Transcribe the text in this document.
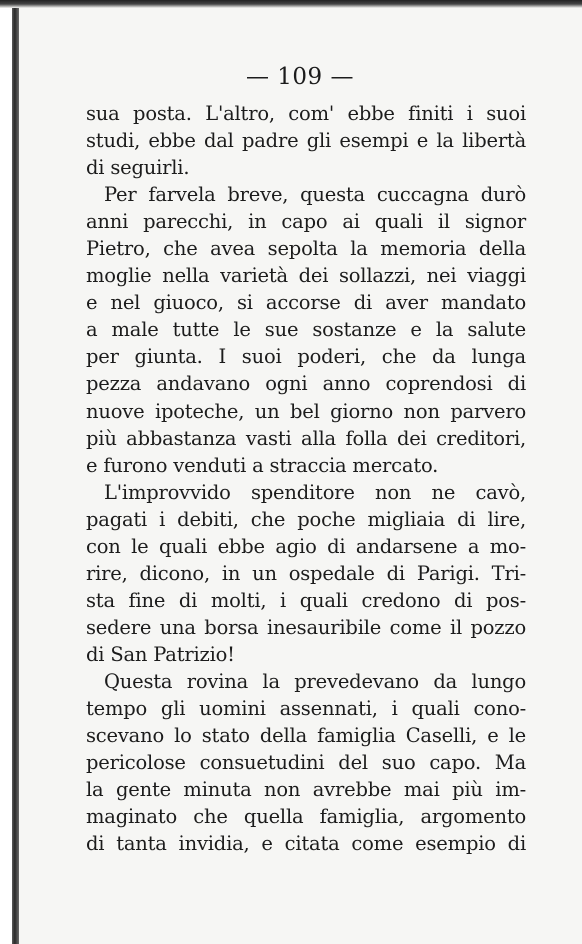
— 109 —
sua posta. L'altro, com' ebbe finiti i suoi
studi, ebbe dal padre gli esempi e la libertà
di seguirli.
Per farvela breve, questa cuccagna durò
anni parecchi, in capo ai quali il signor
Pietro, che avea sepolta la memoria della
moglie nella varietà dei sollazzi, nei viaggi
e nel giuoco, si accorse di aver mandato
a male tutte le sue sostanze e la salute
per giunta. I suoi poderi, che da lunga
pezza andavano ogni anno coprendosi di
nuove ipoteche, un bel giorno non parvero
più abbastanza vasti alla folla dei creditori,
e furono venduti a straccia mercato.
L'improvvido spenditore non ne cavò,
pagati i debiti, che poche migliaia di lire,
con le quali ebbe agio di andarsene a mo-
rire, dicono, in un ospedale di Parigi. Tri-
sta fine di molti, i quali credono di pos-
sedere una borsa inesauribile come il pozzo
di San Patrizio!
Questa rovina la prevedevano da lungo
tempo gli uomini assennati, i quali cono-
scevano lo stato della famiglia Caselli, e le
pericolose consuetudini del suo capo. Ma
la gente minuta non avrebbe mai più im-
maginato che quella famiglia, argomento
di tanta invidia, e citata come esempio di
